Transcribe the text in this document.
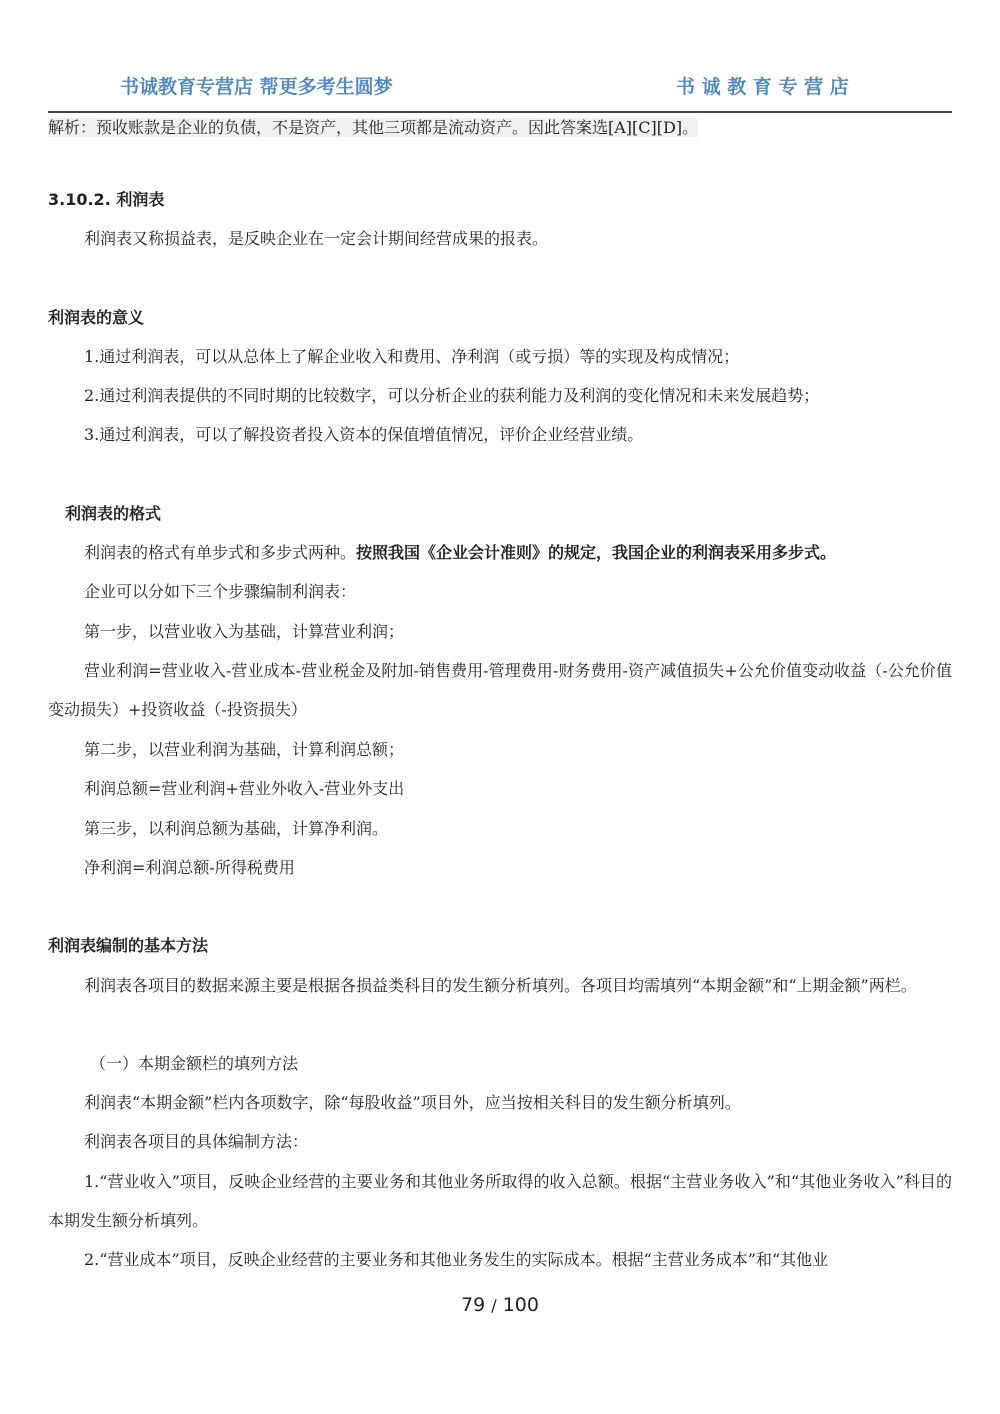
书诚教育专营店 帮更多考生圆梦	书 诚 教 育 专 营 店
解析：预收账款是企业的负债，不是资产，其他三项都是流动资产。因此答案选[A][C][D]。
3.10.2. 利润表
利润表又称损益表，是反映企业在一定会计期间经营成果的报表。
利润表的意义
1.通过利润表，可以从总体上了解企业收入和费用、净利润（或亏损）等的实现及构成情况；
2.通过利润表提供的不同时期的比较数字，可以分析企业的获利能力及利润的变化情况和未来发展趋势；
3.通过利润表，可以了解投资者投入资本的保值增值情况，评价企业经营业绩。
利润表的格式
利润表的格式有单步式和多步式两种。按照我国《企业会计准则》的规定，我国企业的利润表采用多步式。
企业可以分如下三个步骤编制利润表：
第一步，以营业收入为基础，计算营业利润；
营业利润=营业收入-营业成本-营业税金及附加-销售费用-管理费用-财务费用-资产减值损失+公允价值变动收益（-公允价值变动损失）+投资收益（-投资损失）
第二步，以营业利润为基础，计算利润总额；
利润总额=营业利润+营业外收入-营业外支出
第三步，以利润总额为基础，计算净利润。
净利润=利润总额-所得税费用
利润表编制的基本方法
利润表各项目的数据来源主要是根据各损益类科目的发生额分析填列。各项目均需填列“本期金额”和“上期金额”两栏。
（一）本期金额栏的填列方法
利润表“本期金额”栏内各项数字，除“每股收益”项目外，应当按相关科目的发生额分析填列。
利润表各项目的具体编制方法：
1.“营业收入”项目，反映企业经营的主要业务和其他业务所取得的收入总额。根据“主营业务收入”和“其他业务收入”科目的本期发生额分析填列。
2.“营业成本”项目，反映企业经营的主要业务和其他业务发生的实际成本。根据“主营业务成本”和“其他业
79 / 100
